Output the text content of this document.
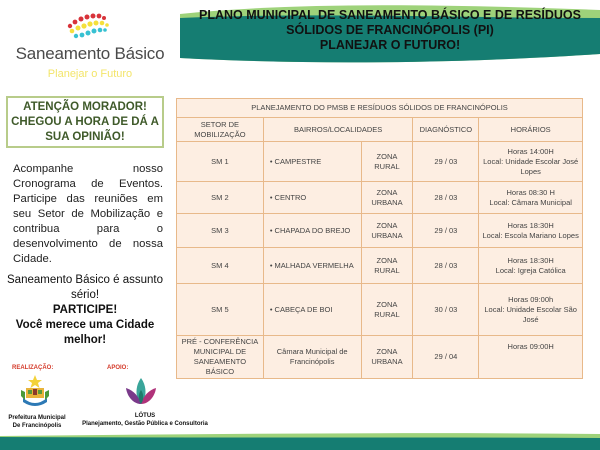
Saneamento Básico
Planejar o Futuro
PLANO MUNICIPAL DE SANEAMENTO BÁSICO E DE RESÍDUOS
SÓLIDOS DE FRANCINÓPOLIS (PI)
PLANEJAR O FUTURO!
ATENÇÃO MORADOR!
CHEGOU A HORA DE DÁ A
SUA OPINIÃO!
Acompanhe nosso Cronograma de Eventos. Participe das reuniões em seu Setor de Mobilização e contribua para o desenvolvimento de nossa Cidade.
Saneamento Básico é assunto sério!
PARTICIPE!
Você merece uma Cidade melhor!
REALIZAÇÃO:	APOIO:
Prefeitura Municipal
De Francinópolis
LÓTUS
Planejamento, Gestão Pública e Consultoria
PLANEJAMENTO DO PMSB E RESÍDUOS SÓLIDOS DE FRANCINÓPOLIS				
SETOR DE MOBILIZAÇÃO	BAIRROS/LOCALIDADES		DIAGNÓSTICO	HORÁRIOS
SM 1	• CAMPESTRE	ZONA RURAL	29 / 03	Horas 14:00H
Local: Unidade Escolar José Lopes

SM 2	• CENTRO	ZONA URBANA	28 / 03	Horas 08:30 H
Local: Câmara Municipal

SM 3	• CHAPADA DO BREJO	ZONA URBANA	29 / 03	Horas 18:30H
Local: Escola Mariano Lopes

SM 4	• MALHADA VERMELHA	ZONA RURAL	28 / 03	Horas 18:30H
Local: Igreja Católica

SM 5	• CABEÇA DE BOI	ZONA RURAL	30 / 03	Horas 09:00h
Local: Unidade Escolar São José

PRÉ - CONFERÊNCIA MUNICIPAL DE SANEAMENTO BÁSICO	Câmara Municipal de Francinópolis	ZONA URBANA	29 / 04	Horas 09:00H
